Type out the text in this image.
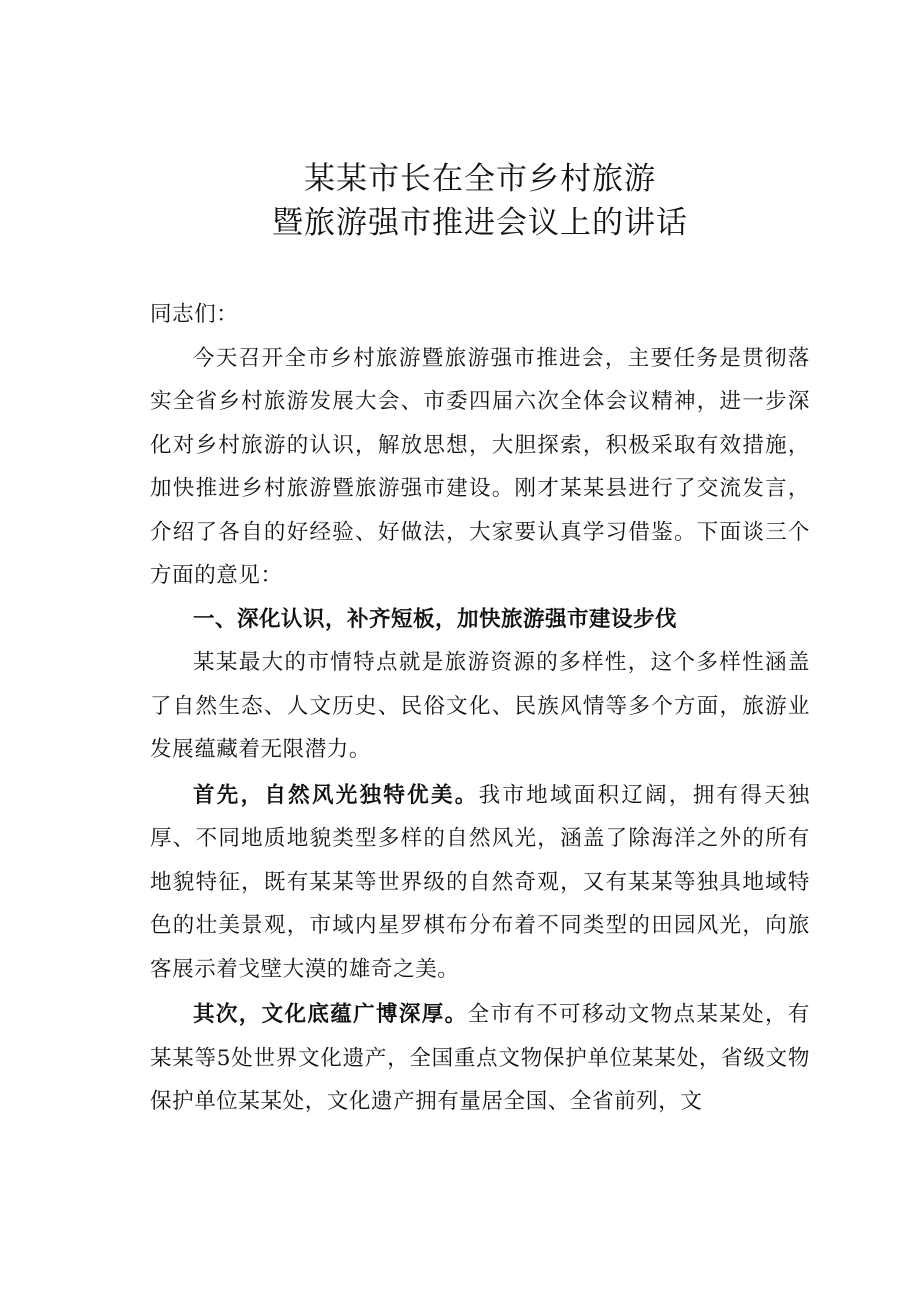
某某市长在全市乡村旅游
暨旅游强市推进会议上的讲话

同志们：

今天召开全市乡村旅游暨旅游强市推进会，主要任务是贯彻落实全省乡村旅游发展大会、市委四届六次全体会议精神，进一步深化对乡村旅游的认识，解放思想，大胆探索，积极采取有效措施，加快推进乡村旅游暨旅游强市建设。刚才某某县进行了交流发言，介绍了各自的好经验、好做法，大家要认真学习借鉴。下面谈三个方面的意见：

一、深化认识，补齐短板，加快旅游强市建设步伐

某某最大的市情特点就是旅游资源的多样性，这个多样性涵盖了自然生态、人文历史、民俗文化、民族风情等多个方面，旅游业发展蕴藏着无限潜力。

首先，自然风光独特优美。我市地域面积辽阔，拥有得天独厚、不同地质地貌类型多样的自然风光，涵盖了除海洋之外的所有地貌特征，既有某某等世界级的自然奇观，又有某某等独具地域特色的壮美景观，市域内星罗棋布分布着不同类型的田园风光，向旅客展示着戈壁大漠的雄奇之美。

其次，文化底蕴广博深厚。全市有不可移动文物点某某处，有某某等5处世界文化遗产，全国重点文物保护单位某某处，省级文物保护单位某某处，文化遗产拥有量居全国、全省前列，文
